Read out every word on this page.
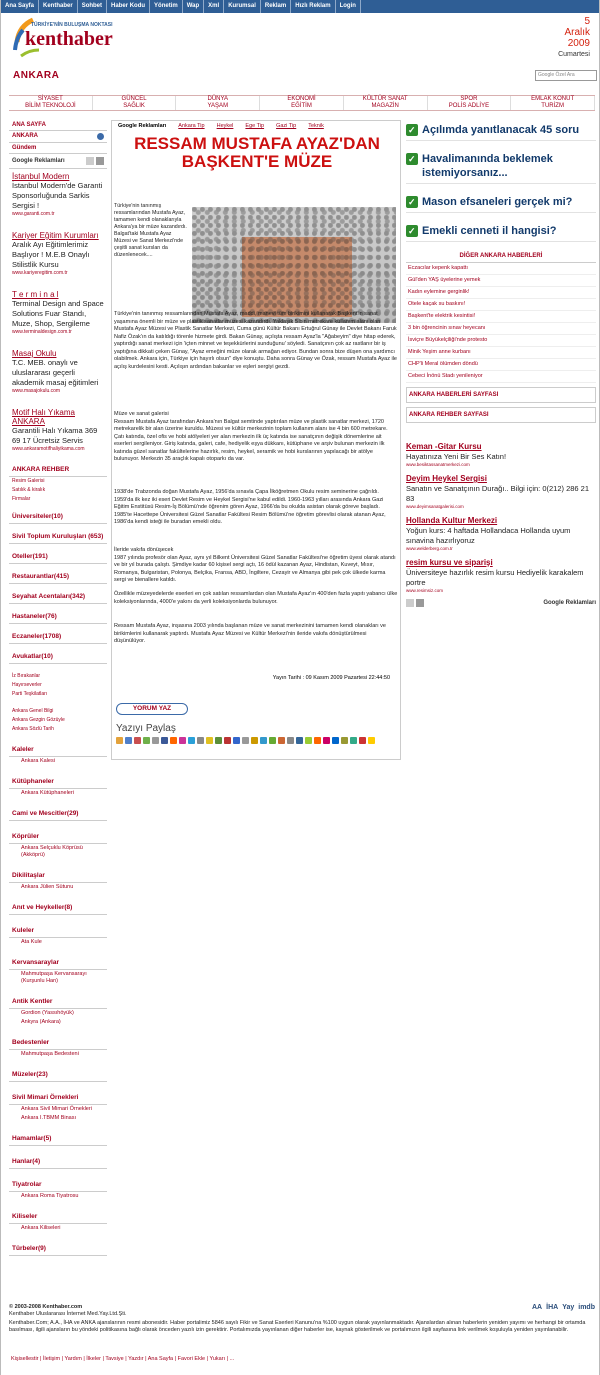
Ana Sayfa	Kenthaber	Sohbet	Haber Kodu	Yönetim	Wap	Xml	Kurumsal	Reklam	Hızlı Reklam	Login
TÜRKİYE'NİN BULUŞMA NOKTASI
kenthaber
5
Aralık
2009
Cumartesi
ANKARA	Google Özel Ara
SİYASET
BİLİM TEKNOLOJİ
GÜNCEL
SAĞLIK
DÜNYA
YAŞAM
EKONOMİ
EĞİTİM
KÜLTÜR SANAT
MAGAZİN
SPOR
POLİS ADLİYE
EMLAK KONUT
TURİZM
ANA SAYFA
ANKARA
Gündem
Google Reklamları
İstanbul Modern
İstanbul Modern'de Garanti Sponsorluğunda Sarkis Sergisi !
www.garanti.com.tr
Kariyer Eğitim Kurumları
Aralık Ayı Eğitimlerimiz Başlıyor ! M.E.B Onaylı Stilistlik Kursu
www.kariyeregitim.com.tr
T e r m i n a l
Terminal Design and Space Solutions Fuar Standı, Muze, Shop, Sergileme
www.terminaldesign.com.tr
Masaj Okulu
T.C. MEB. onaylı ve uluslararası geçerli akademik masaj eğitimleri
www.masajokulu.com
Motif Halı Yıkama ANKARA
Garantili Halı Yıkama 369 69 17 Ücretsiz Servis
www.ankaramotifhaliyikama.com
ANKARA REHBER
Resim Galerisi
Satılık & kiralık
Firmalar
Üniversiteler(10)
Sivil Toplum Kuruluşları (653)
Oteller(191)
Restaurantlar(415)
Seyahat Acentaları(342)
Hastaneler(76)
Eczaneler(1708)
Avukatlar(10)
İz Bırakanlar
Hayırseverler
Parti Teşkilatları
Ankara Genel Bilgi
Ankara Gezgin Gözüyle
Ankara Sözlü Tarih
Kaleler
Ankara Kalesi
Kütüphaneler
Ankara Kütüphaneleri
Cami ve Mescitler(29)
Köprüler
Ankara Selçuklu Köprüsü (Akköprü)
Dikilitaşlar
Ankara Jülien Sütunu
Anıt ve Heykeller(8)
Kuleler
Ata Kule
Kervansaraylar
Mahmutpaşa Kervansarayı (Kurşunlu Han)
Antik Kentler
Gordion (Yassıhöyük)
Ankyra (Ankara)
Bedestenler
Mahmutpaşa Bedesteni
Müzeler(23)
Sivil Mimari Örnekleri
Ankara Sivil Mimari Örnekleri
Ankara I.TBMM Binası
Hamamlar(5)
Hanlar(4)
Tiyatrolar
Ankara Roma Tiyatrosu
Kiliseler
Ankara Kiliseleri
Türbeler(9)
Google Reklamları	Ankara Tip	Heykel	Ege Tip	Gazi Tip	Teknik
RESSAM MUSTAFA AYAZ'DAN BAŞKENT'E MÜZE
Türkiye'nin tanınmış ressamlarından Mustafa Ayaz, tamamen kendi olanaklarıyla Ankara'ya bir müze kazandırdı. Balgat'taki Mustafa Ayaz Müzesi ve Sanat Merkezi'nde çeşitli sanat kursları da düzenlenecek....
Türkiye'nin tanınmış ressamlarından Mustafa Ayaz, maddi, manevi tüm birikimini kullanarak Başkent'in sanat yaşamına önemli bir müze ve plastik sanatlar müzesi kazandırdı. Yaklaşık 5 bin metrekare kullanım alanı olan Mustafa Ayaz Müzesi ve Plastik Sanatlar Merkezi, Cuma günü Kültür Bakanı Ertuğrul Günay ile Devlet Bakanı Faruk Nafiz Özak'ın da katıldığı törenle hizmete girdi. Bakan Günay, açılışta ressam Ayaz'la "Ağabeyim" diye hitap ederek, yaptırdığı sanat merkezi için 'içten minnet ve teşekkürlerini sunduğunu' söyledi. Sanatçının çok az rastlanır bir iş yaptığına dikkati çeken Günay, "Ayaz emeğini müze olarak armağan ediyor. Bundan sonra bize düşen ona yardımcı olabilmek. Ankara için, Türkiye için hayırlı olsun" diye konuştu. Daha sonra Günay ve Özak, ressam Mustafa Ayaz ile açılış kurdelesini kesti. Açılışın ardından bakanlar ve eşleri sergiyi gezdi.
Müze ve sanat galerisi
Ressam Mustafa Ayaz tarafından Ankara'nın Balgat semtinde yaptırılan müze ve plastik sanatlar merkezi, 1720 metrekarelik bir alan üzerine kuruldu. Müzesi ve kültür merkezinin toplam kullanım alanı ise 4 bin 600 metrekare. Çatı katında, özel ofis ve hobi atölyeleri yer alan merkezin ilk üç katında ise sanatçının değişik dönemlerine ait eserleri sergileniyor. Giriş katında, galeri, cafe, hediyelik eşya dükkanı, kütüphane ve arşiv bulunan merkezin ilk katında güzel sanatlar fakültelerine hazırlık, resim, heykel, seramik ve hobi kurslarının yapılacağı bir atölye bulunuyor. Merkezin 35 araçlık kapalı otoparkı da var.
1938'de Trabzonda doğan Mustafa Ayaz, 1956'da sınavla Çapa İlköğretmen Okulu resim seminerine çağrıldı. 1959'da ilk kez iki eseri Devlet Resim ve Heykel Sergisi'ne kabul edildi. 1960-1963 yılları arasında Ankara Gazi Eğitim Enstitüsü Resim-İş Bölümü'nde öğrenim gören Ayaz, 1966'da bu okulda asistan olarak göreve başladı. 1985'te Hacettepe Üniversitesi Güzel Sanatlar Fakültesi Resim Bölümü'ne öğretim görevlisi olarak atanan Ayaz, 1986'da kendi isteği ile buradan emekli oldu.
İleride vakıfa dönüşecek
1987 yılında profesör olan Ayaz, aynı yıl Bilkent Üniversitesi Güzel Sanatlar Fakültesi'ne öğretim üyesi olarak atandı ve bir yıl burada çalıştı. Şimdiye kadar 60 kişisel sergi açtı, 16 ödül kazanan Ayaz, Hindistan, Kuveyt, Mısır, Romanya, Bulgaristan, Polonya, Belçika, Fransa, ABD, İngiltere, Cezayir ve Almanya gibi pek çok ülkede karma sergi ve bienallere katıldı.
Özellikle müzeyedelerde eserleri en çok satılan ressamlardan olan Mustafa Ayaz'ın 400'den fazla yapıtı yabancı ülke koleksiyonlarında, 4000'e yakını da yerli koleksiyonlarda bulunuyor.
Ressam Mustafa Ayaz, inşasına 2003 yılında başlanan müze ve sanat merkezinini tamamen kendi olanakları ve birikimlerini kullanarak yaptırdı. Mustafa Ayaz Müzesi ve Kültür Merkezi'nin ileride vakıfa dönüştürülmesi düşünülüyor.
Yayın Tarihi : 09 Kasım 2009 Pazartesi 22:44:50
YORUM YAZ
Yazıyı Paylaş
✓
Açılımda yanıtlanacak 45 soru
✓
Havalimanında beklemek istemiyorsanız...
✓
Mason efsaneleri gerçek mi?
✓
Emekli cenneti il hangisi?
DİĞER ANKARA HABERLERİ
Eczacılar kepenk kapattı
Gül'den YAŞ üyelerine yemek
Kadın eylemine gerginlik!
Otele kaçak su baskını!
Başkent'te elektrik kesintisi!
3 bin öğrencinin sınav heyecanı
İsviçre Büyükelçiliği'nde protesto
Minik Yeşim anne kurbanı
CHP'li Meral ölümden döndü
Cebeci İnönü Stadı yenileniyor
ANKARA HABERLERİ SAYFASI
ANKARA REHBER SAYFASI
Keman -Gitar Kursu
Hayatınıza Yeni Bir Ses Katın!
www.besiktassanatmerkezi.com
Deyim Heykel Sergisi
Sanatın ve Sanatçının Durağı.. Bilgi için: 0(212) 286 21 83
www.deyimsanatgalerisi.com
Hollanda Kultur Merkezi
Yoğun kurs: 4 haftada Hollandaca Hollanda uyum sınavina hazırlıyoruz
www.welderberg.com.tr
resim kursu ve siparişi
Üniversiteye hazırlık resim kursu Hediyelik karakalem portre
www.resimsiz.com
Google Reklamları
© 2003-2008 Kenthaber.com
Kenthaber Uluslararası İnternet Med.Yay.Ltd.Şti.
Kenthaber.Com; A.A., İHA ve ANKA ajanslarının resmi abonesidir. Haber portalimiz 5846 sayılı Fikir ve Sanat Eserleri Kanunu'na %100 uygun olarak yayınlanmaktadır. Ajanslardan alınan haberlerin yeniden yayımı ve herhangi bir ortamda basılması, ilgili ajansların bu yöndeki politikasına bağlı olarak önceden yazılı izin gerektirir. Portalımızda yayınlanan diğer haberler ise, kaynak gösterilmek ve portalımızın ilgili sayfasına link verilmek koşuluyla yeniden yayınlanabilir.
AA İHA Yay imdb
Kişisellestir | İletişim | Yardım | İlkeler | Tavsiye | Yazdır | Ana Sayfa | Favori Ekle | Yukarı | ...
